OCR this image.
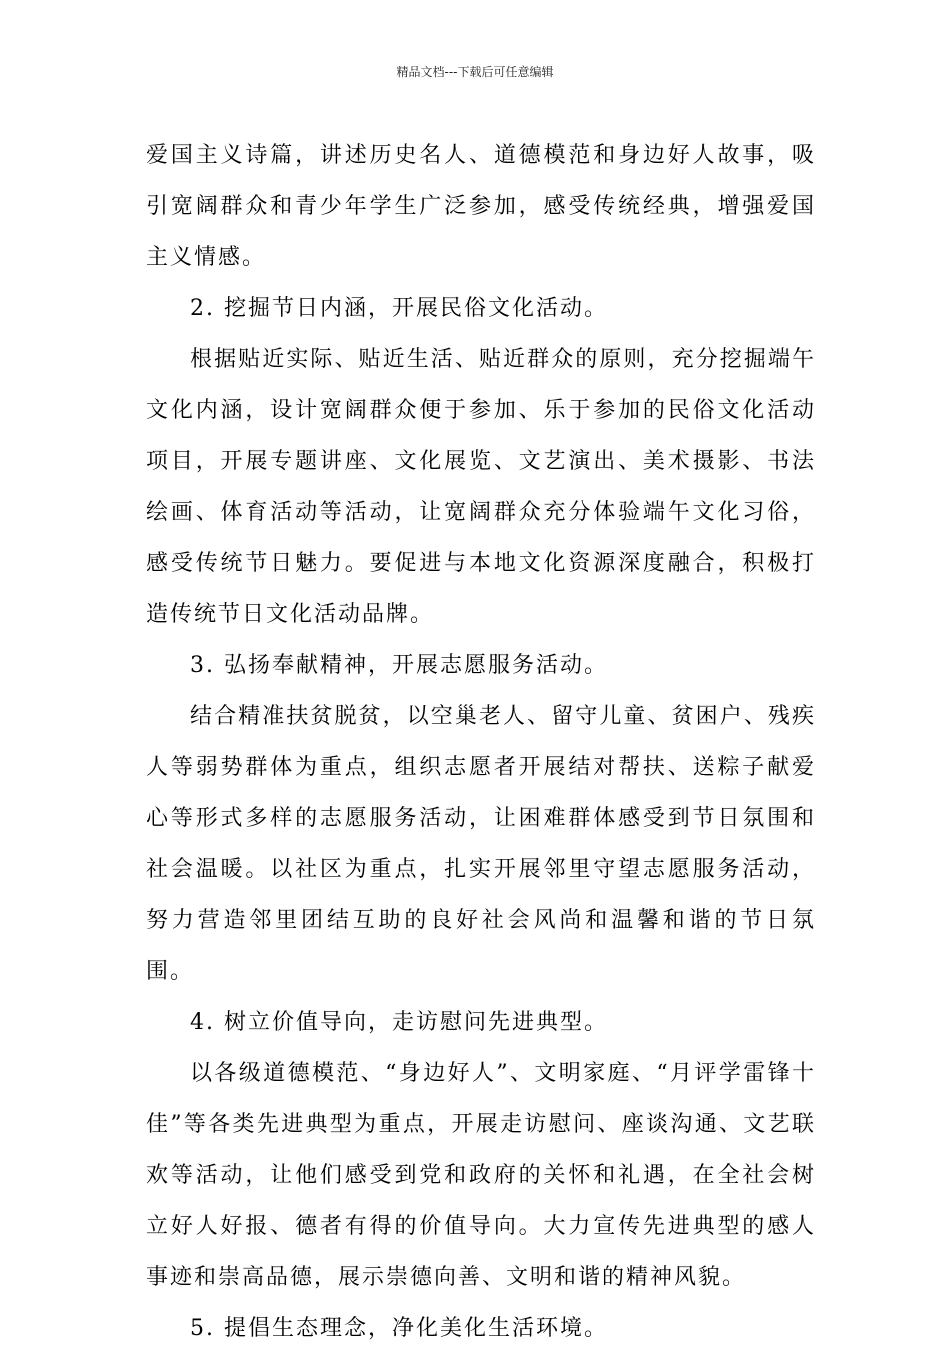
精品文档---下载后可任意编辑

爱国主义诗篇，讲述历史名人、道德模范和身边好人故事，吸引宽阔群众和青少年学生广泛参加，感受传统经典，增强爱国主义情感。

2. 挖掘节日内涵，开展民俗文化活动。

根据贴近实际、贴近生活、贴近群众的原则，充分挖掘端午文化内涵，设计宽阔群众便于参加、乐于参加的民俗文化活动项目，开展专题讲座、文化展览、文艺演出、美术摄影、书法绘画、体育活动等活动，让宽阔群众充分体验端午文化习俗，感受传统节日魅力。要促进与本地文化资源深度融合，积极打造传统节日文化活动品牌。

3. 弘扬奉献精神，开展志愿服务活动。

结合精准扶贫脱贫，以空巢老人、留守儿童、贫困户、残疾人等弱势群体为重点，组织志愿者开展结对帮扶、送粽子献爱心等形式多样的志愿服务活动，让困难群体感受到节日氛围和社会温暖。以社区为重点，扎实开展邻里守望志愿服务活动，努力营造邻里团结互助的良好社会风尚和温馨和谐的节日氛围。

4. 树立价值导向，走访慰问先进典型。

以各级道德模范、“身边好人”、文明家庭、“月评学雷锋十佳”等各类先进典型为重点，开展走访慰问、座谈沟通、文艺联欢等活动，让他们感受到党和政府的关怀和礼遇，在全社会树立好人好报、德者有得的价值导向。大力宣传先进典型的感人事迹和崇高品德，展示崇德向善、文明和谐的精神风貌。

5. 提倡生态理念，净化美化生活环境。
